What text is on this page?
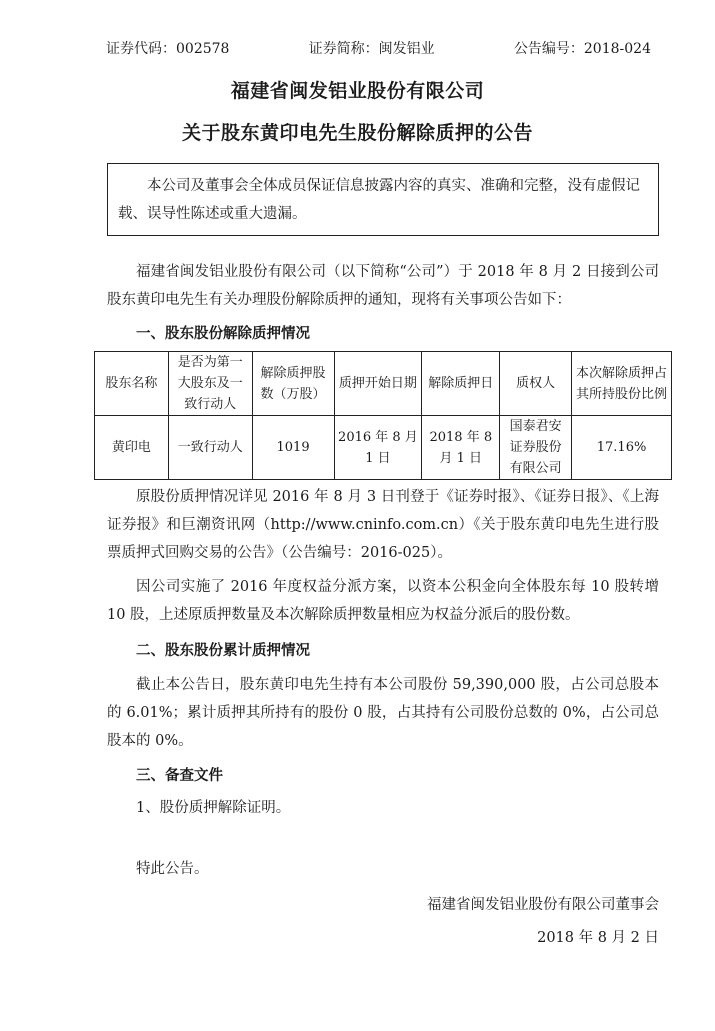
证券代码：002578	证券简称：闽发铝业	公告编号：2018-024
福建省闽发铝业股份有限公司
关于股东黄印电先生股份解除质押的公告
本公司及董事会全体成员保证信息披露内容的真实、准确和完整，没有虚假记载、误导性陈述或重大遗漏。
福建省闽发铝业股份有限公司（以下简称“公司”）于 2018 年 8 月 2 日接到公司股东黄印电先生有关办理股份解除质押的通知，现将有关事项公告如下：
一、股东股份解除质押情况
股东名称	是否为第一大股东及一致行动人	解除质押股数（万股）	质押开始日期	解除质押日	质权人	本次解除质押占其所持股份比例
黄印电	一致行动人	1019	2016 年 8 月 1 日	2018 年 8 月 1 日	国泰君安证券股份有限公司	17.16%
原股份质押情况详见 2016 年 8 月 3 日刊登于《证券时报》、《证券日报》、《上海证券报》和巨潮资讯网（http://www.cninfo.com.cn）《关于股东黄印电先生进行股票质押式回购交易的公告》（公告编号：2016-025）。
因公司实施了 2016 年度权益分派方案，以资本公积金向全体股东每 10 股转增 10 股，上述原质押数量及本次解除质押数量相应为权益分派后的股份数。
二、股东股份累计质押情况
截止本公告日，股东黄印电先生持有本公司股份 59,390,000 股，占公司总股本的 6.01%；累计质押其所持有的股份 0 股，占其持有公司股份总数的 0%，占公司总股本的 0%。
三、备查文件
1、股份质押解除证明。
特此公告。
福建省闽发铝业股份有限公司董事会
2018 年 8 月 2 日
